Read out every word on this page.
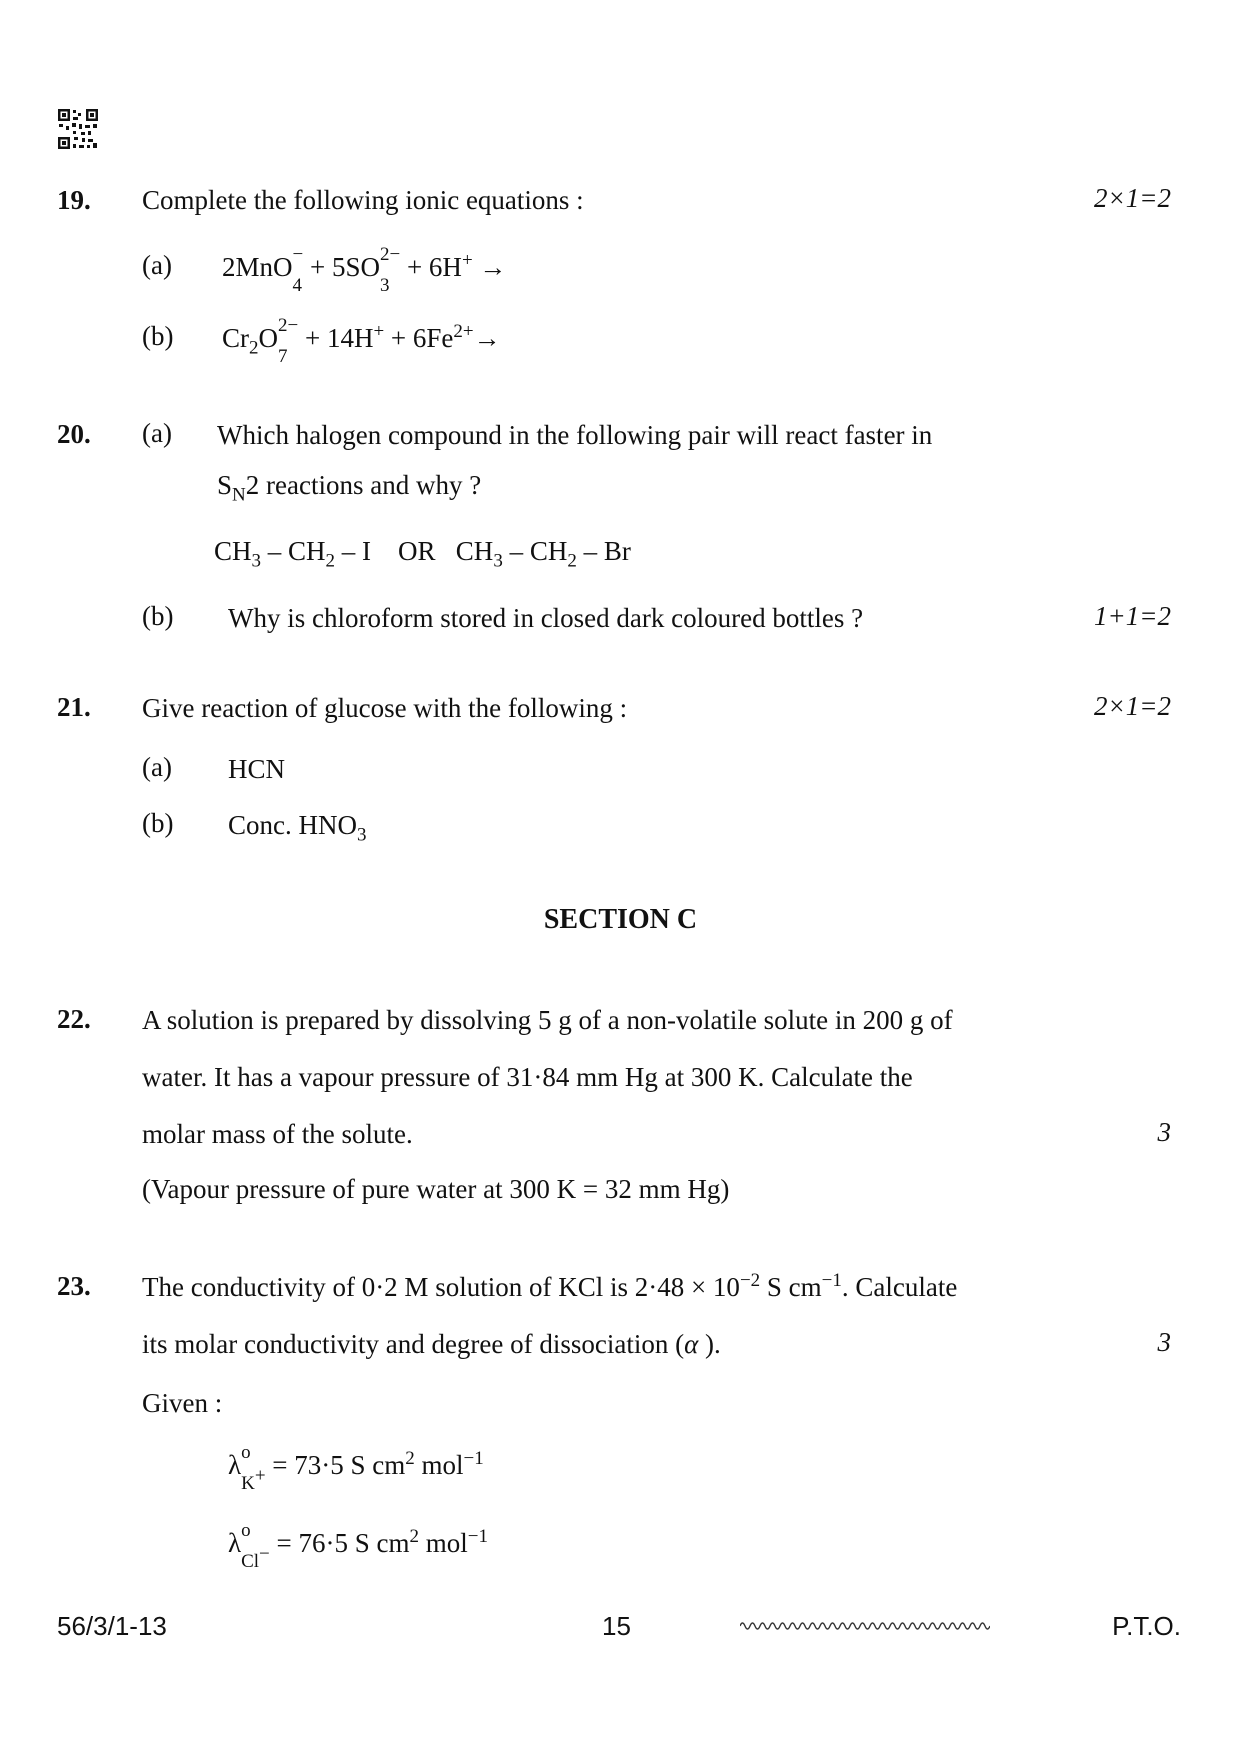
19. Complete the following ionic equations :	2×1=2
(a) 2MnO −
4
+ 5SO 2−
3
+ 6H+ →
(b) $Cr_2O$ 2−
7
+ $14H^+ + 6Fe^{2+}\to$
20. (a) Which halogen compound in the following pair will react faster in
$S_N2$ reactions and why ?
$CH_3 - CH_2$ – I    OR   $CH_3 - CH_2$ – Br
(b) Why is chloroform stored in closed dark coloured bottles ?	1+1=2
21. Give reaction of glucose with the following :	2×1=2
(a) HCN
(b) Conc. $HNO_3$
SECTION C
22. A solution is prepared by dissolving 5 g of a non-volatile solute in 200 g of
water. It has a vapour pressure of 31·84 mm Hg at 300 K. Calculate the
molar mass of the solute.	3
(Vapour pressure of pure water at 300 K = 32 mm Hg)
23. The conductivity of 0·2 M solution of KCl is $2\cdot 48 \times 10^{-2}$ S $cm^{-1}$. Calculate
its molar conductivity and degree of dissociation (α ).	3
Given :
λ o
K+ = 73·5 S $cm^2$ mol$^{-1}$
λ o
Cl− = 76·5 S $cm^2$ mol$^{-1}$
56/3/1-13	15	P.T.O.
